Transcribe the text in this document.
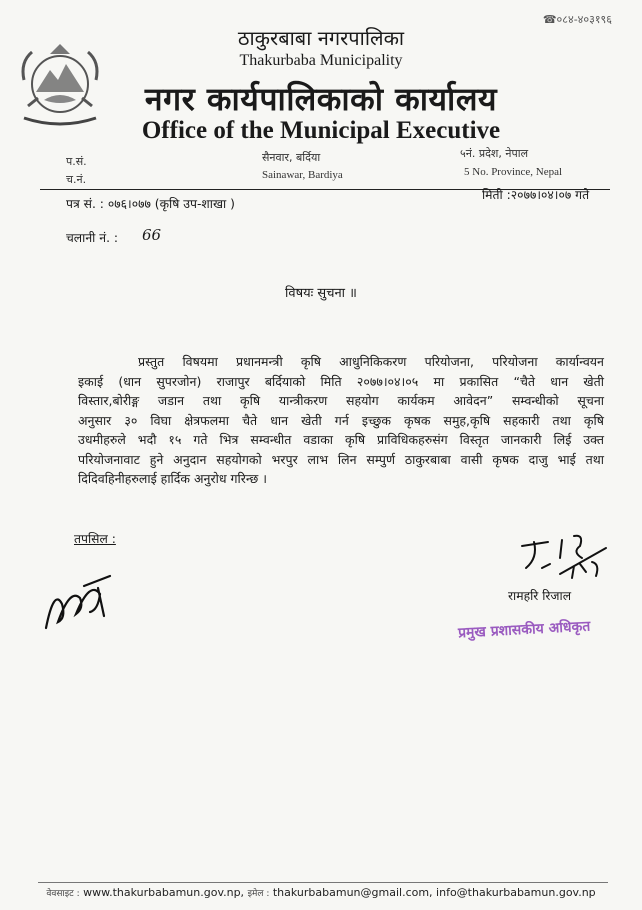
☎०८४-४०३१९६
ठाकुरबाबा नगरपालिका
Thakurbaba Municipality
नगर कार्यपालिकाको कार्यालय
Office of the Municipal Executive
प.सं.
च.नं.
सैनवार, बर्दिया
Sainawar, Bardiya
५नं. प्रदेश, नेपाल
5 No. Province, Nepal
पत्र सं. : ०७६।०७७ (कृषि उप-शाखा )
मिती :२०७७।०४।०७ गते
चलानी नं. : 66
विषयः सुचना ॥
प्रस्तुत विषयमा प्रधानमन्त्री कृषि आधुनिकिकरण परियोजना, परियोजना कार्यान्वयन
इकाई (धान सुपरजोन) राजापुर बर्दियाको मिति २०७७।०४।०५ मा प्रकासित “चैते धान खेती
विस्तार,बोरीङ्ग जडान तथा कृषि यान्त्रीकरण सहयोग कार्यकम आवेदन” सम्वन्धीको सूचना
अनुसार ३० विघा क्षेत्रफलमा चैते धान खेती गर्न इच्छुक कृषक समुह,कृषि सहकारी तथा कृषि
उधमीहरुले भदौ १५ गते भित्र सम्वन्धीत वडाका कृषि प्राविधिकहरुसंग विस्तृत जानकारी लिई उक्त
परियोजनावाट हुने अनुदान सहयोगको भरपुर लाभ लिन सम्पुर्ण ठाकुरबाबा वासी कृषक दाजु भाई तथा
दिदिवहिनीहरुलाई हार्दिक अनुरोध गरिन्छ ।
तपसिल :
रामहरि रिजाल
प्रमुख प्रशासकीय अधिकृत
वेवसाइट : www.thakurbabamun.gov.np, इमेल : thakurbabamun@gmail.com, info@thakurbabamun.gov.np
